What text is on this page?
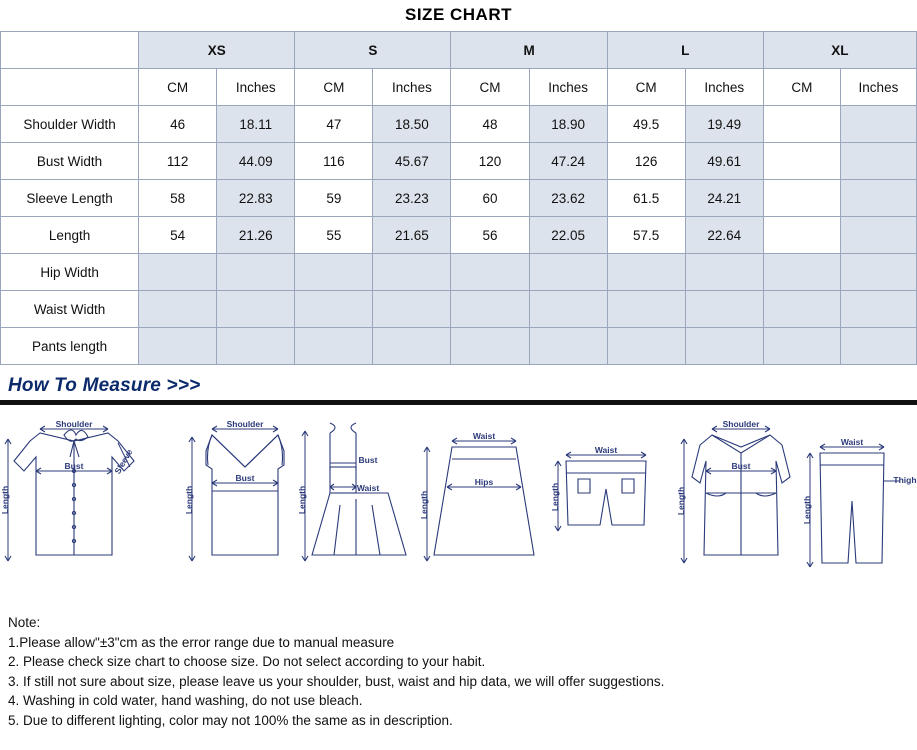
SIZE CHART
	XS		S		M		L		XL	
	CM	Inches	CM	Inches	CM	Inches	CM	Inches	CM	Inches
Shoulder Width	46	18.11	47	18.50	48	18.90	49.5	19.49		
Bust Width	112	44.09	116	45.67	120	47.24	126	49.61		
Sleeve Length	58	22.83	59	23.23	60	23.62	61.5	24.21		
Length	54	21.26	55	21.65	56	22.05	57.5	22.64		
Hip Width										
Waist Width										
Pants length										
How To Measure >>>
Shoulder
Bust
Length
Sleeve
Shoulder
Bust
Length
Bust
Waist
Length
Waist
Hips
Length
Waist
Length
Shoulder
Bust
Length
Waist
Thigh
Length
Note:
1.Please allow"±3"cm as the error range due to manual measure
2. Please check size chart to choose size. Do not select according to your habit.
3. If still not sure about size, please leave us your shoulder, bust, waist and hip data, we will offer suggestions.
4. Washing in cold water, hand washing, do not use bleach.
5. Due to different lighting, color may not 100% the same as in description.
